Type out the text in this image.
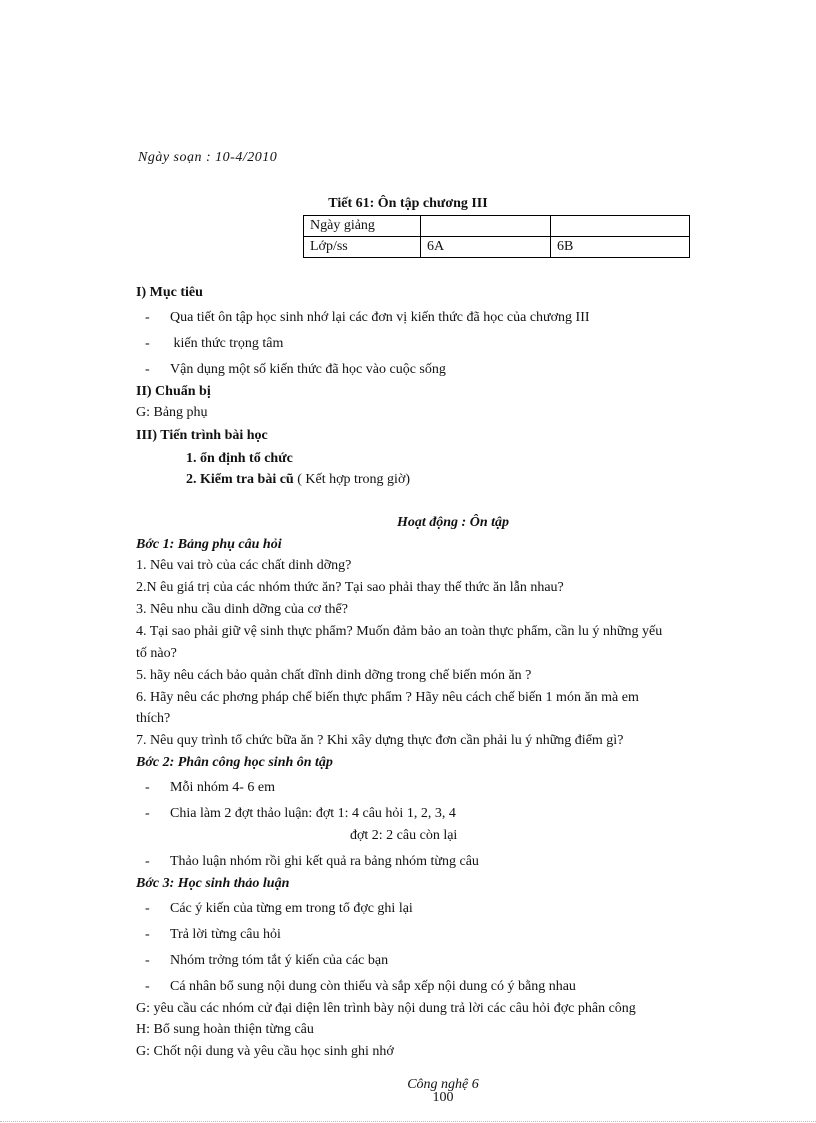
Ngày soạn : 10-4/2010
Tiết 61: Ôn tập chương III
Ngày giảng		
Lớp/ss	6A	6B
I) Mục tiêu
- Qua tiết ôn tập học sinh nhớ lại các đơn vị kiến thức đã học của chương III
- kiến thức trọng tâm
- Vận dụng một số kiến thức đã học vào cuộc sống
II) Chuẩn bị
G: Bảng phụ
III) Tiến trình bài học
1. ổn định tổ chức
2. Kiểm tra bài cũ ( Kết hợp trong giờ)
Hoạt động : Ôn tập
Bớc 1: Bảng phụ câu hỏi
1. Nêu vai trò của các chất dinh dỡng?
2.N êu giá trị của các nhóm thức ăn? Tại sao phải thay thế thức ăn lẫn nhau?
3. Nêu nhu cầu dinh dỡng của cơ thể?
4. Tại sao phải giữ vệ sinh thực phẩm? Muốn đảm bảo an toàn thực phẩm, cần lu ý những yếu
tố nào?
5. hãy nêu cách bảo quản chất dĩnh dinh dỡng trong chế biến món ăn ?
6. Hãy nêu các phơng pháp chế biến thực phẩm ? Hãy nêu cách chế biến 1 món ăn mà em
thích?
7. Nêu quy trình tổ chức bữa ăn ? Khi xây dựng thực đơn cần phải lu ý những điểm gì?
Bớc 2: Phân công học sinh ôn tập
- Mỗi nhóm 4- 6 em
- Chia làm 2 đợt thảo luận: đợt 1: 4 câu hỏi 1, 2, 3, 4
đợt 2: 2 câu còn lại
- Thảo luận nhóm rồi ghi kết quả ra bảng nhóm từng câu
Bớc 3: Học sinh thảo luận
- Các ý kiến của từng em trong tổ đợc ghi lại
- Trả lời từng câu hỏi
- Nhóm trởng tóm tắt ý kiến của các bạn
- Cá nhân bổ sung nội dung còn thiếu và sắp xếp nội dung có ý bằng nhau
G: yêu cầu các nhóm cử đại diện lên trình bày nội dung trả lời các câu hỏi đợc phân công
H: Bổ sung hoàn thiện từng câu
G: Chốt nội dung và yêu cầu học sinh ghi nhớ
Công nghệ 6
100
